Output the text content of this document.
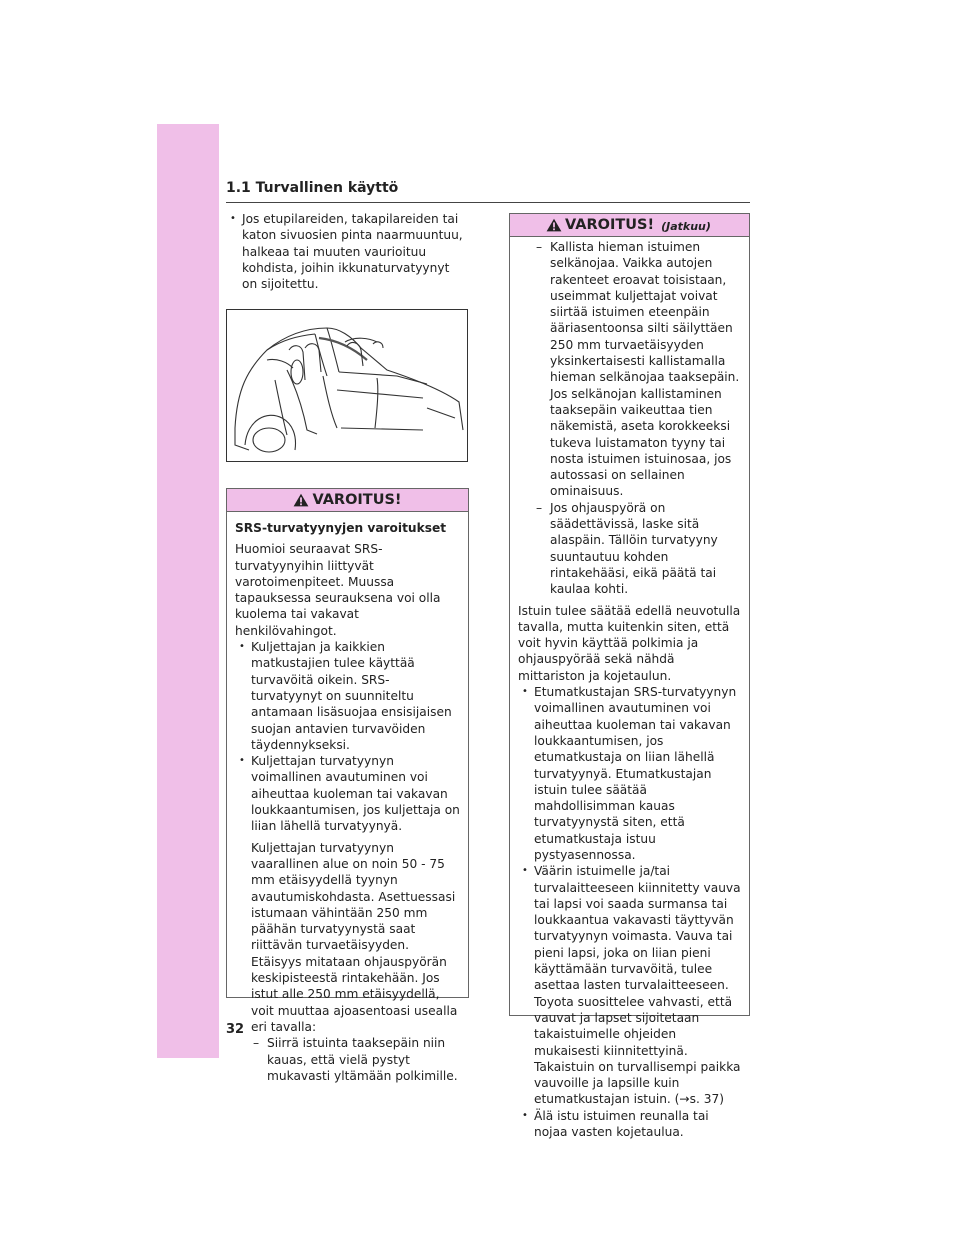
1.1 Turvallinen käyttö

• Jos etupilareiden, takapilareiden tai katon sivuosien pinta naarmuuntuu, halkeaa tai muuten vaurioituu kohdista, joihin ikkunaturvatyynyt on sijoitettu.

VAROITUS!

SRS-turvatyynyjen varoitukset

Huomioi seuraavat SRS-turvatyynyihin liittyvät varotoimenpiteet. Muussa tapauksessa seurauksena voi olla kuolema tai vakavat henkilövahingot.

• Kuljettajan ja kaikkien matkustajien tulee käyttää turvavöitä oikein. SRS-turvatyynyt on suunniteltu antamaan lisäsuojaa ensisijaisen suojan antavien turvavöiden täydennykseksi.

• Kuljettajan turvatyynyn voimallinen avautuminen voi aiheuttaa kuoleman tai vakavan loukkaantumisen, jos kuljettaja on liian lähellä turvatyynyä.

Kuljettajan turvatyynyn vaarallinen alue on noin 50 - 75 mm etäisyydellä tyynyn avautumiskohdasta. Asettuessasi istumaan vähintään 250 mm päähän turvatyynystä saat riittävän turvaetäisyyden. Etäisyys mitataan ohjauspyörän keskipisteestä rintakehään. Jos istut alle 250 mm etäisyydellä, voit muuttaa ajoasentoasi usealla eri tavalla:

– Siirrä istuinta taaksepäin niin kauas, että vielä pystyt mukavasti yltämään polkimille.

VAROITUS! (Jatkuu)

– Kallista hieman istuimen selkänojaa. Vaikka autojen rakenteet eroavat toisistaan, useimmat kuljettajat voivat siirtää istuimen eteenpäin ääriasentoonsa silti säilyttäen 250 mm turvaetäisyyden yksinkertaisesti kallistamalla hieman selkänojaa taaksepäin. Jos selkänojan kallistaminen taaksepäin vaikeuttaa tien näkemistä, aseta korokkeeksi tukeva luistamaton tyyny tai nosta istuimen istuinosaa, jos autossasi on sellainen ominaisuus.

– Jos ohjauspyörä on säädettävissä, laske sitä alaspäin. Tällöin turvatyyny suuntautuu kohden rintakehääsi, eikä päätä tai kaulaa kohti.

Istuin tulee säätää edellä neuvotulla tavalla, mutta kuitenkin siten, että voit hyvin käyttää polkimia ja ohjauspyörää sekä nähdä mittariston ja kojetaulun.

• Etumatkustajan SRS-turvatyynyn voimallinen avautuminen voi aiheuttaa kuoleman tai vakavan loukkaantumisen, jos etumatkustaja on liian lähellä turvatyynyä. Etumatkustajan istuin tulee säätää mahdollisimman kauas turvatyynystä siten, että etumatkustaja istuu pystyasennossa.

• Väärin istuimelle ja/tai turvalaitteeseen kiinnitetty vauva tai lapsi voi saada surmansa tai loukkaantua vakavasti täyttyvän turvatyynyn voimasta. Vauva tai pieni lapsi, joka on liian pieni käyttämään turvavöitä, tulee asettaa lasten turvalaitteeseen. Toyota suosittelee vahvasti, että vauvat ja lapset sijoitetaan takaistuimelle ohjeiden mukaisesti kiinnitettyinä. Takaistuin on turvallisempi paikka vauvoille ja lapsille kuin etumatkustajan istuin. (→s. 37)

• Älä istu istuimen reunalla tai nojaa vasten kojetaulua.

32
